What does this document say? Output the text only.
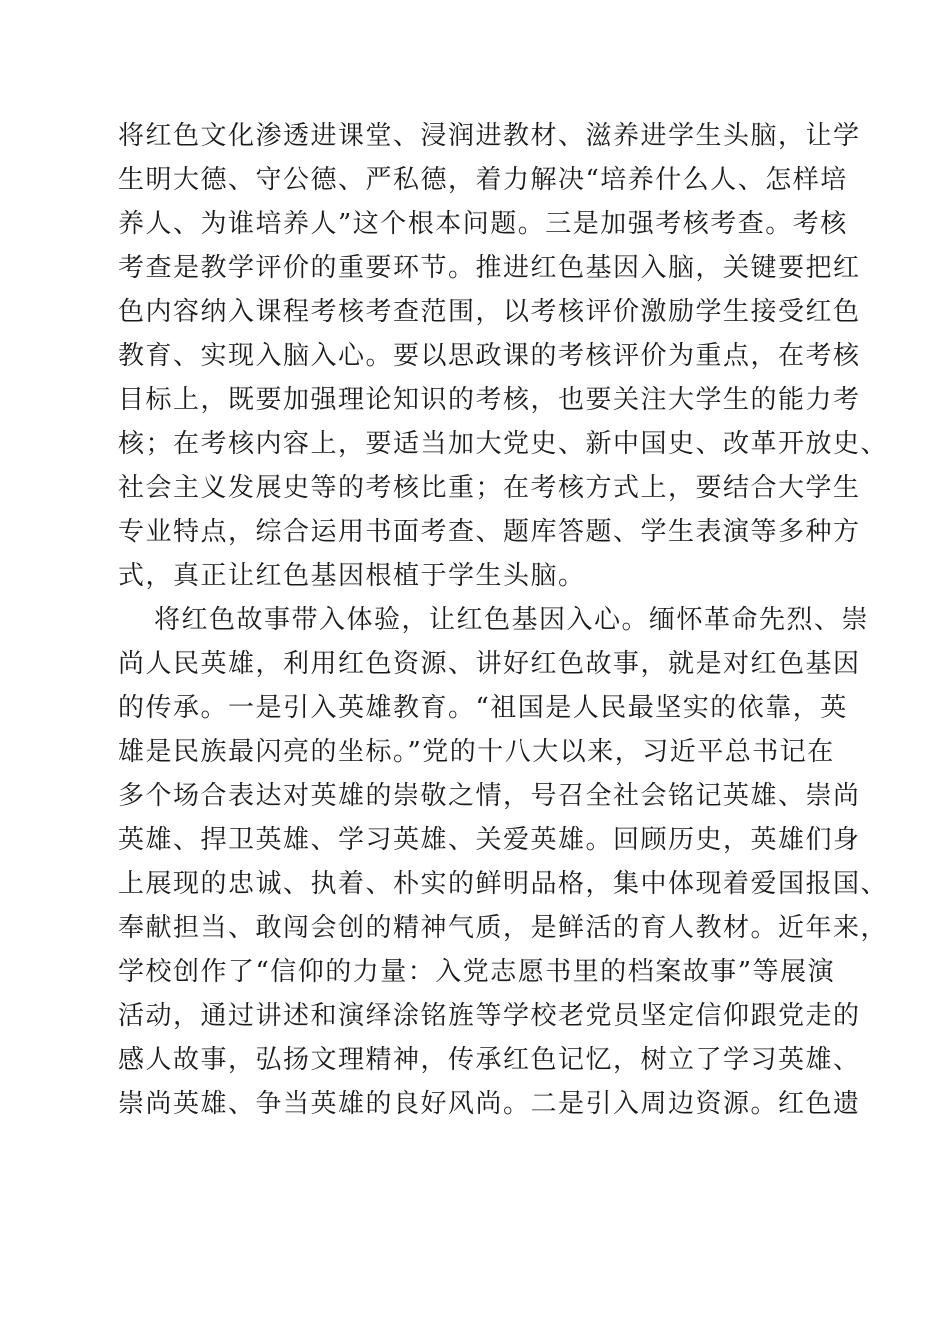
将红色文化渗透进课堂、浸润进教材、滋养进学生头脑，让学
生明大德、守公德、严私德，着力解决“培养什么人、怎样培
养人、为谁培养人”这个根本问题。三是加强考核考查。考核
考查是教学评价的重要环节。推进红色基因入脑，关键要把红
色内容纳入课程考核考查范围，以考核评价激励学生接受红色
教育、实现入脑入心。要以思政课的考核评价为重点，在考核
目标上，既要加强理论知识的考核，也要关注大学生的能力考
核；在考核内容上，要适当加大党史、新中国史、改革开放史、
社会主义发展史等的考核比重；在考核方式上，要结合大学生
专业特点，综合运用书面考查、题库答题、学生表演等多种方
式，真正让红色基因根植于学生头脑。
将红色故事带入体验，让红色基因入心。缅怀革命先烈、崇
尚人民英雄，利用红色资源、讲好红色故事，就是对红色基因
的传承。一是引入英雄教育。“祖国是人民最坚实的依靠，英
雄是民族最闪亮的坐标。”党的十八大以来，习近平总书记在
多个场合表达对英雄的崇敬之情，号召全社会铭记英雄、崇尚
英雄、捍卫英雄、学习英雄、关爱英雄。回顾历史，英雄们身
上展现的忠诚、执着、朴实的鲜明品格，集中体现着爱国报国、
奉献担当、敢闯会创的精神气质，是鲜活的育人教材。近年来，
学校创作了“信仰的力量：入党志愿书里的档案故事”等展演
活动，通过讲述和演绎涂铭旌等学校老党员坚定信仰跟党走的
感人故事，弘扬文理精神，传承红色记忆，树立了学习英雄、
崇尚英雄、争当英雄的良好风尚。二是引入周边资源。红色遗
